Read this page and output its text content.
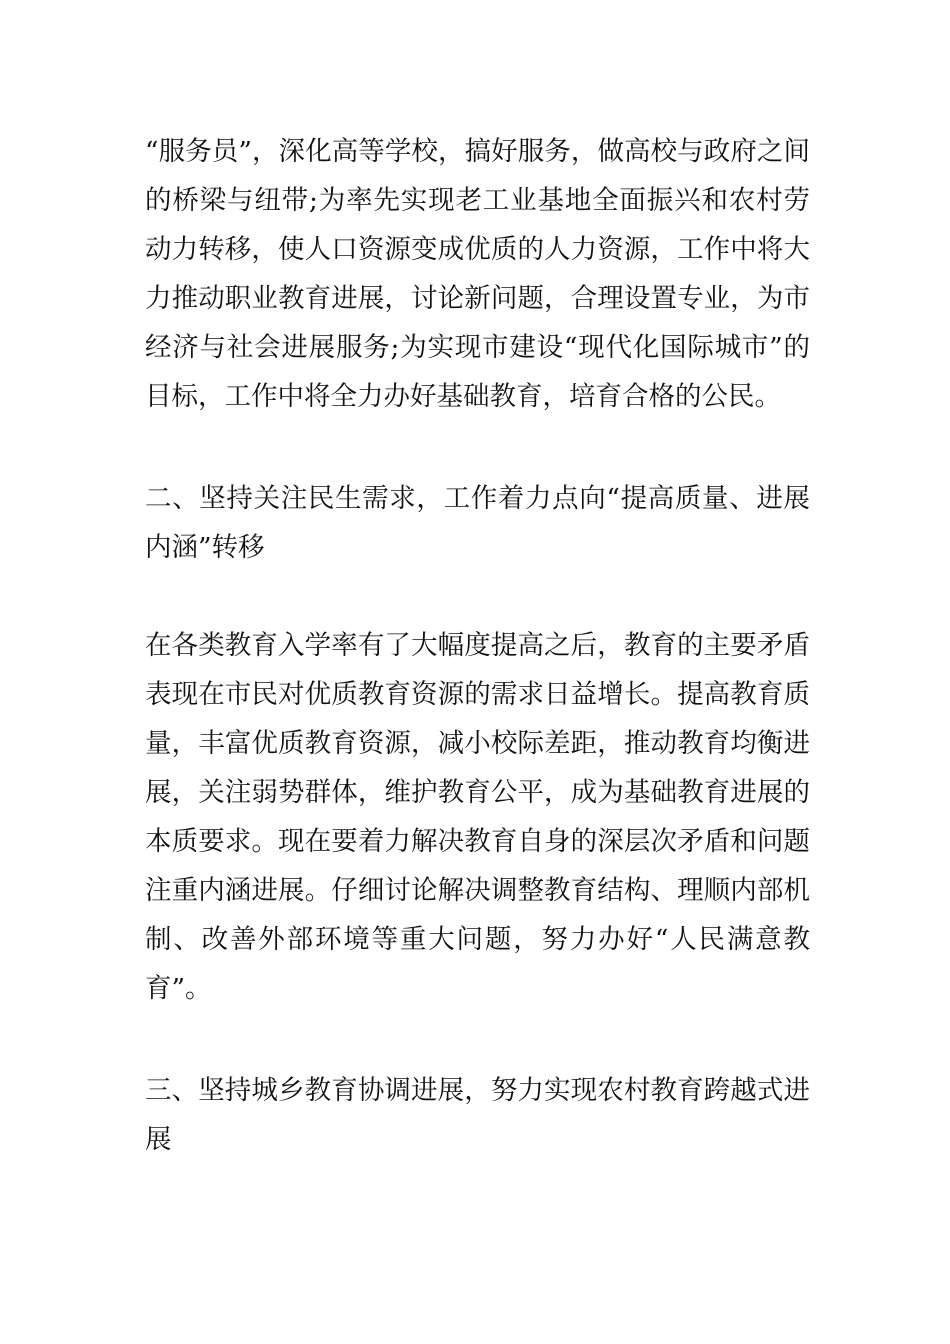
“服务员”，深化高等学校，搞好服务，做高校与政府之间的桥梁与纽带;为率先实现老工业基地全面振兴和农村劳动力转移，使人口资源变成优质的人力资源，工作中将大力推动职业教育进展，讨论新问题，合理设置专业，为市经济与社会进展服务;为实现市建设“现代化国际城市”的目标，工作中将全力办好基础教育，培育合格的公民。

二、坚持关注民生需求，工作着力点向“提高质量、进展内涵”转移

在各类教育入学率有了大幅度提高之后，教育的主要矛盾表现在市民对优质教育资源的需求日益增长。提高教育质量，丰富优质教育资源，减小校际差距，推动教育均衡进展，关注弱势群体，维护教育公平，成为基础教育进展的本质要求。现在要着力解决教育自身的深层次矛盾和问题注重内涵进展。仔细讨论解决调整教育结构、理顺内部机制、改善外部环境等重大问题，努力办好“人民满意教育”。

三、坚持城乡教育协调进展，努力实现农村教育跨越式进展
